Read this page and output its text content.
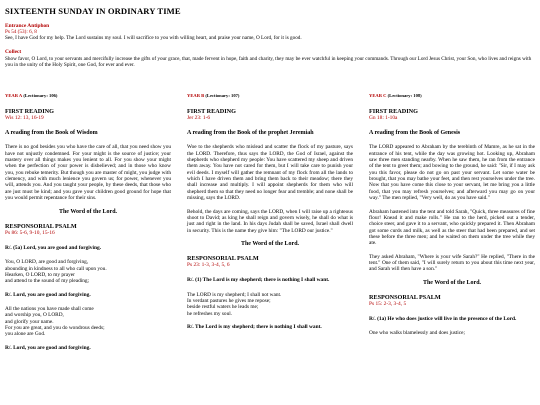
SIXTEENTH SUNDAY IN ORDINARY TIME

Entrance Antiphon

Ps 54 (53): 6, 8

See, I have God for my help. The Lord sustains my soul. I will sacrifice to you with willing heart, and praise your name, O Lord, for it is good.

Collect

Show favor, O Lord, to your servants and mercifully increase the gifts of your grace, that, made fervent in hope, faith and charity, they may be ever watchful in keeping your commands. Through our Lord Jesus Christ, your Son, who lives and reigns with you in the unity of the Holy Spirit, one God, for ever and ever.

YEAR A (Lectionary: 106)

FIRST READING

Wis 12: 13, 16-19

A reading from the Book of Wisdom

There is no god besides you who have the care of all, that you need show you have not unjustly condemned. For your might is the source of justice; your mastery over all things makes you lenient to all. For you show your might when the perfection of your power is disbelieved; and in those who know you, you rebuke temerity. But though you are master of might, you judge with clemency, and with much lenience you govern us; for power, whenever you will, attends you. And you taught your people, by these deeds, that those who are just must be kind; and you gave your children good ground for hope that you would permit repentance for their sins.

The Word of the Lord.

RESPONSORIAL PSALM

Ps 86: 5-6, 9-10, 15-16

R/. (5a) Lord, you are good and forgiving.

You, O LORD, are good and forgiving,
abounding in kindness to all who call upon you.
Hearken, O LORD, to my prayer
and attend to the sound of my pleading;

R/. Lord, you are good and forgiving.

All the nations you have made shall come
and worship you, O LORD,
and glorify your name.
For you are great, and you do wondrous deeds;
you alone are God.

R/. Lord, you are good and forgiving.

YEAR B (Lectionary: 107)

FIRST READING

Jer 23: 1-6

A reading from the Book of the prophet Jeremiah

Woe to the shepherds who mislead and scatter the flock of my pasture, says the LORD. Therefore, thus says the LORD, the God of Israel, against the shepherds who shepherd my people: You have scattered my sheep and driven them away. You have not cared for them, but I will take care to punish your evil deeds. I myself will gather the remnant of my flock from all the lands to which I have driven them and bring them back to their meadow; there they shall increase and multiply. I will appoint shepherds for them who will shepherd them so that they need no longer fear and tremble; and none shall be missing, says the LORD.

Behold, the days are coming, says the LORD, when I will raise up a righteous shoot to David; as king he shall reign and govern wisely, he shall do what is just and right in the land. In his days Judah shall be saved, Israel shall dwell in security. This is the name they give him: "The LORD our justice."

The Word of the Lord.

RESPONSORIAL PSALM

Ps 23: 1-3, 3-4, 5, 6

R/. (1) The Lord is my shepherd; there is nothing I shall want.

The LORD is my shepherd; I shall not want.
In verdant pastures he gives me repose;
beside restful waters he leads me;
he refreshes my soul.

R/. The Lord is my shepherd; there is nothing I shall want.

YEAR C (Lectionary: 108)

FIRST READING

Gn 18: 1-10a

A reading from the Book of Genesis

The LORD appeared to Abraham by the terebinth of Mamre, as he sat in the entrance of his tent, while the day was growing hot. Looking up, Abraham saw three men standing nearby. When he saw them, he ran from the entrance of the tent to greet them; and bowing to the ground, he said: "Sir, if I may ask you this favor, please do not go on past your servant. Let some water be brought, that you may bathe your feet, and then rest yourselves under the tree. Now that you have come this close to your servant, let me bring you a little food, that you may refresh yourselves; and afterward you may go on your way." The men replied, "Very well, do as you have said."

Abraham hastened into the tent and told Sarah, "Quick, three measures of fine flour! Knead it and make rolls." He ran to the herd, picked out a tender, choice steer, and gave it to a servant, who quickly prepared it. Then Abraham got some curds and milk, as well as the steer that had been prepared, and set these before the three men; and he waited on them under the tree while they ate.

They asked Abraham, "Where is your wife Sarah?" He replied, "There in the tent." One of them said, "I will surely return to you about this time next year, and Sarah will then have a son."

The Word of the Lord.

RESPONSORIAL PSALM

Ps 15: 2-3, 3-4, 5

R/. (1a) He who does justice will live in the presence of the Lord.

One who walks blamelessly and does justice;
